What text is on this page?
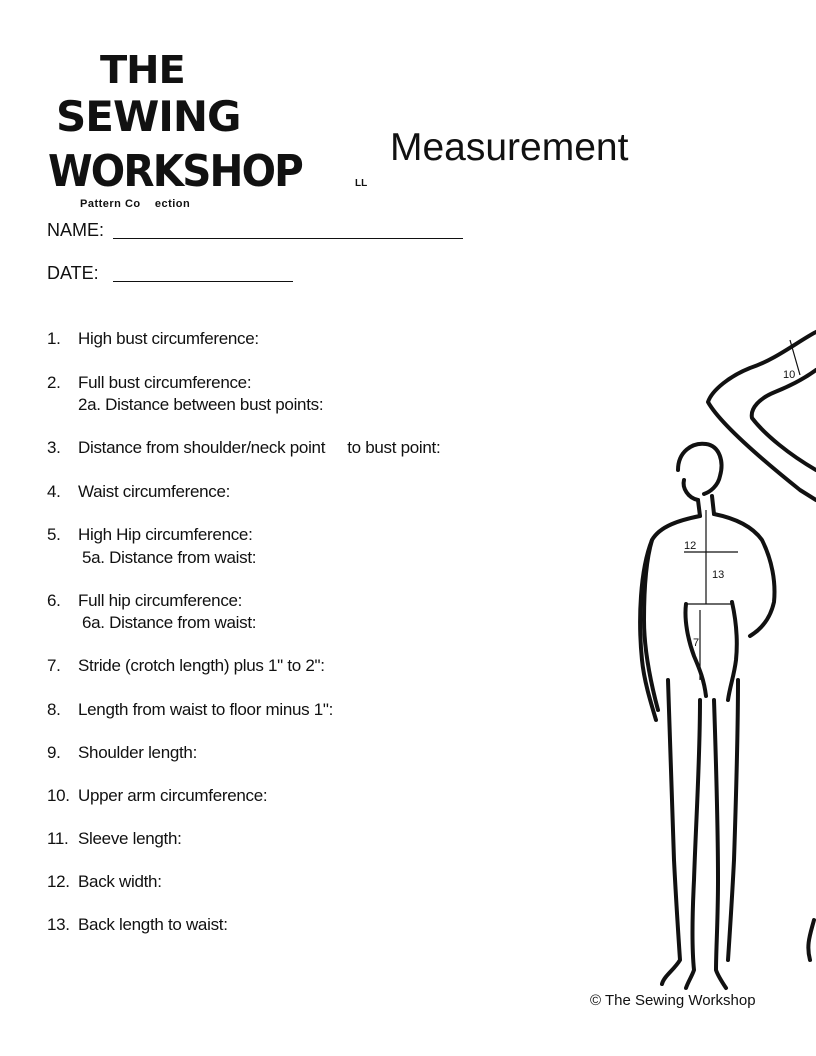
THE
SEWING
WORKSHOP
Pattern Co    ection
Measurement
LL
NAME:
DATE:
1. High bust circumference:
2. Full bust circumference:
2a. Distance between bust points:
3. Distance from shoulder/neck point     to bust point:
4. Waist circumference:
5. High Hip circumference:
5a. Distance from waist:
6. Full hip circumference:
6a. Distance from waist:
7. Stride (crotch length) plus 1" to 2":
8. Length from waist to floor minus 1":
9. Shoulder length:
10. Upper arm circumference:
11. Sleeve length:
12. Back width:
13. Back length to waist:
10
12
13
7
© The Sewing Workshop
